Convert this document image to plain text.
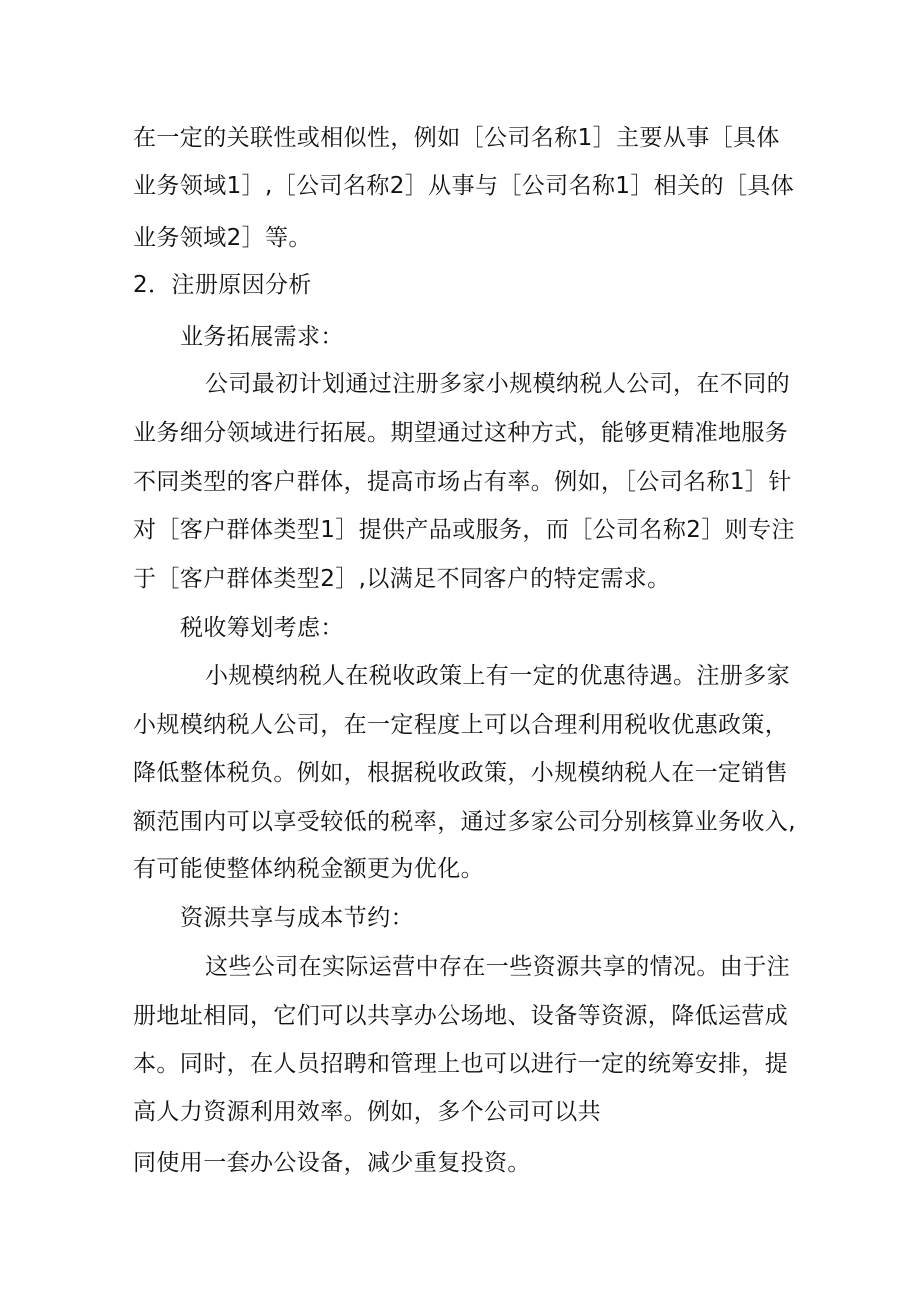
在一定的关联性或相似性，例如［公司名称1］主要从事［具体
业务领域1］,［公司名称2］从事与［公司名称1］相关的［具体
业务领域2］等。
2．注册原因分析
业务拓展需求：
公司最初计划通过注册多家小规模纳税人公司，在不同的
业务细分领域进行拓展。期望通过这种方式，能够更精准地服务
不同类型的客户群体，提高市场占有率。例如，［公司名称1］针
对［客户群体类型1］提供产品或服务，而［公司名称2］则专注
于［客户群体类型2］,以满足不同客户的特定需求。
税收筹划考虑：
小规模纳税人在税收政策上有一定的优惠待遇。注册多家
小规模纳税人公司，在一定程度上可以合理利用税收优惠政策，
降低整体税负。例如，根据税收政策，小规模纳税人在一定销售
额范围内可以享受较低的税率，通过多家公司分别核算业务收入,
有可能使整体纳税金额更为优化。
资源共享与成本节约：
这些公司在实际运营中存在一些资源共享的情况。由于注
册地址相同，它们可以共享办公场地、设备等资源，降低运营成
本。同时，在人员招聘和管理上也可以进行一定的统筹安排，提
高人力资源利用效率。例如，多个公司可以共
同使用一套办公设备，减少重复投资。
